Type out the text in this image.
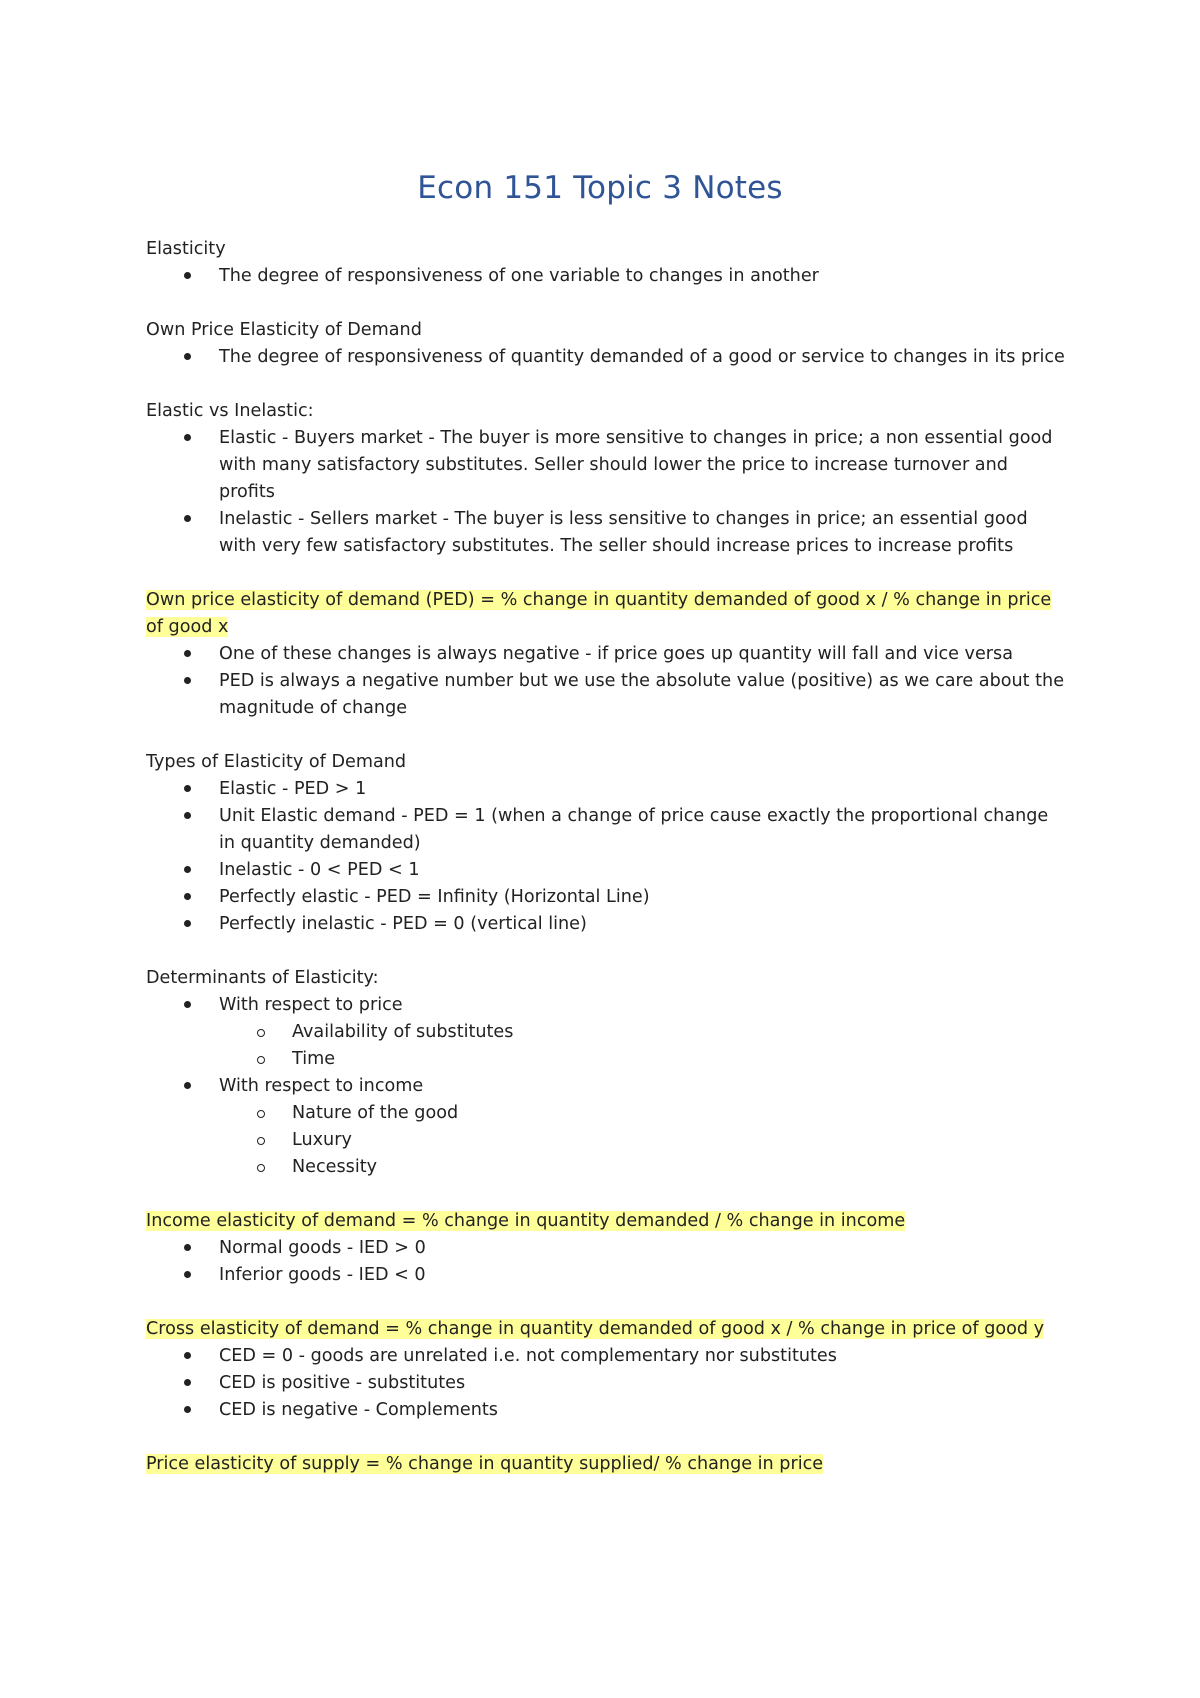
Econ 151 Topic 3 Notes

Elasticity

The degree of responsiveness of one variable to changes in another

Own Price Elasticity of Demand

The degree of responsiveness of quantity demanded of a good or service to changes in its price

Elastic vs Inelastic:

Elastic - Buyers market - The buyer is more sensitive to changes in price; a non essential good with many satisfactory substitutes. Seller should lower the price to increase turnover and profits
Inelastic - Sellers market - The buyer is less sensitive to changes in price; an essential good with very few satisfactory substitutes. The seller should increase prices to increase profits

Own price elasticity of demand (PED) = % change in quantity demanded of good x / % change in price of good x

One of these changes is always negative - if price goes up quantity will fall and vice versa
PED is always a negative number but we use the absolute value (positive) as we care about the magnitude of change

Types of Elasticity of Demand

Elastic - PED > 1
Unit Elastic demand - PED = 1 (when a change of price cause exactly the proportional change in quantity demanded)
Inelastic - 0 < PED < 1
Perfectly elastic - PED = Infinity (Horizontal Line)
Perfectly inelastic - PED = 0 (vertical line)

Determinants of Elasticity:

With respect to price
Availability of substitutes
Time
With respect to income
Nature of the good
Luxury
Necessity

Income elasticity of demand = % change in quantity demanded / % change in income

Normal goods - IED > 0
Inferior goods - IED < 0

Cross elasticity of demand = % change in quantity demanded of good x / % change in price of good y

CED = 0 - goods are unrelated i.e. not complementary nor substitutes
CED is positive - substitutes
CED is negative - Complements

Price elasticity of supply = % change in quantity supplied/ % change in price
